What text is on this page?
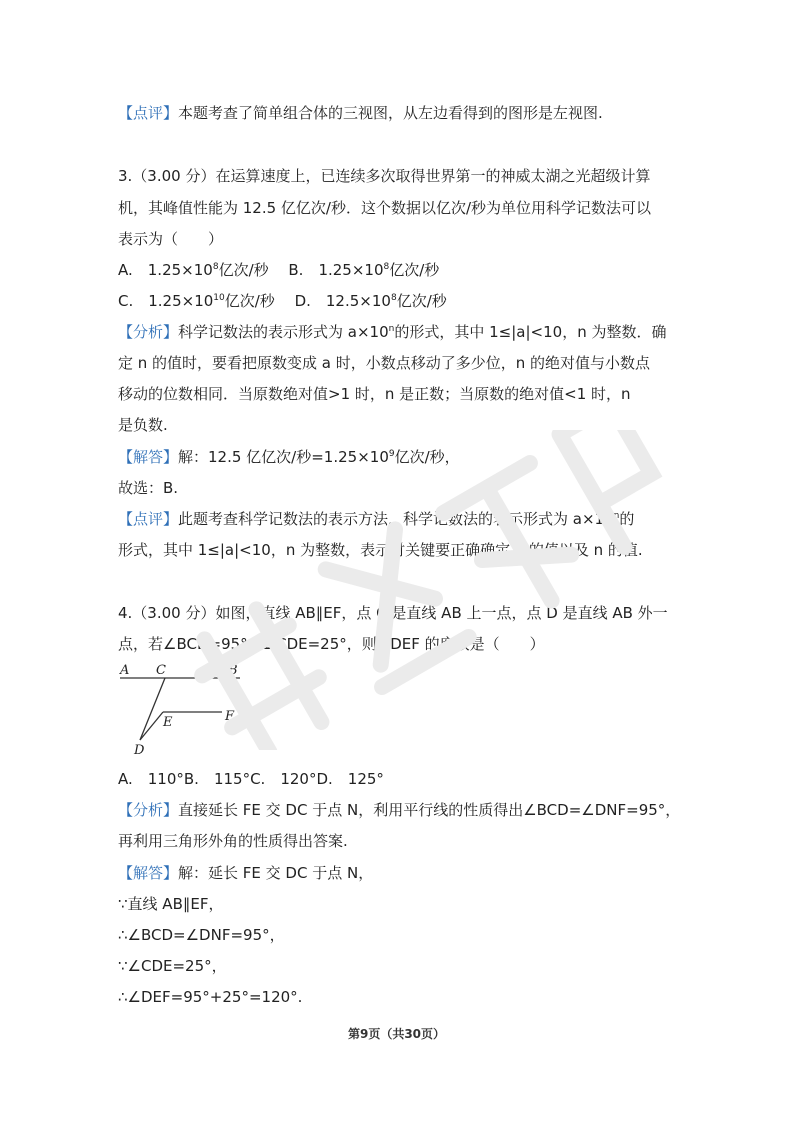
【点评】本题考查了简单组合体的三视图，从左边看得到的图形是左视图.
3.（3.00 分）在运算速度上，已连续多次取得世界第一的神威太湖之光超级计算
机，其峰值性能为 12.5 亿亿次/秒．这个数据以亿次/秒为单位用科学记数法可以
表示为（　　）
A.　$1.25\times 10^8$亿次/秒　 B.　$1.25\times 10^8$亿次/秒
C.　$1.25\times 10^{10}$亿次/秒　 D.　$12.5\times 10^8$亿次/秒
【分析】科学记数法的表示形式为 $a\times 10^n$的形式，其中 1≤|a|<10，n 为整数．确
定 n 的值时，要看把原数变成 a 时，小数点移动了多少位，n 的绝对值与小数点
移动的位数相同．当原数绝对值>1 时，n 是正数；当原数的绝对值<1 时，n
是负数.
【解答】解：12.5 亿亿次/秒$=1.25\times 10^9$亿次/秒，
故选：B.
【点评】此题考查科学记数法的表示方法．科学记数法的表示形式为 $a\times 10^n$的
形式，其中 1≤|a|<10，n 为整数，表示时关键要正确确定 a 的值以及 n 的值.
4.（3.00 分）如图，直线 AB∥EF，点 C 是直线 AB 上一点，点 D 是直线 AB 外一
点，若∠BCD=95°，∠CDE=25°，则∠DEF 的度数是（　　）
A C	B
E	F
D
A.　110°B.　115°C.　120°D.　125°
【分析】直接延长 FE 交 DC 于点 N，利用平行线的性质得出∠BCD=∠DNF=95°，
再利用三角形外角的性质得出答案.
【解答】解：延长 FE 交 DC 于点 N，
∵直线 AB∥EF，
∴∠BCD=∠DNF=95°，
∵∠CDE=25°，
∴∠DEF=95°+25°=120°.
第9页（共30页）
